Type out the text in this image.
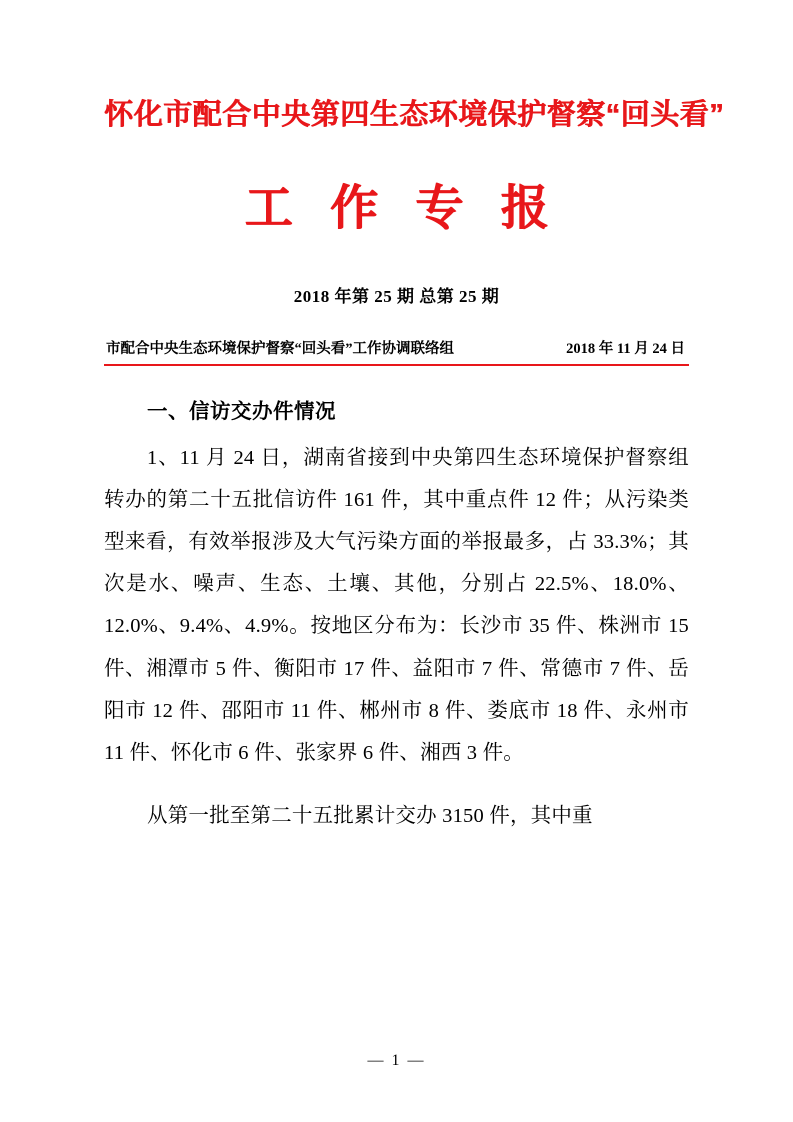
怀化市配合中央第四生态环境保护督察“回头看”
工 作 专 报
2018 年第 25 期 总第 25 期
市配合中央生态环境保护督察“回头看”工作协调联络组	2018 年 11 月 24 日
一、信访交办件情况

1、11 月 24 日，湖南省接到中央第四生态环境保护督察组转办的第二十五批信访件 161 件，其中重点件 12 件；从污染类型来看，有效举报涉及大气污染方面的举报最多，占 33.3%；其次是水、噪声、生态、土壤、其他，分别占 22.5%、18.0%、12.0%、9.4%、4.9%。按地区分布为：长沙市 35 件、株洲市 15 件、湘潭市 5 件、衡阳市 17 件、益阳市 7 件、常德市 7 件、岳阳市 12 件、邵阳市 11 件、郴州市 8 件、娄底市 18 件、永州市 11 件、怀化市 6 件、张家界 6 件、湘西 3 件。

从第一批至第二十五批累计交办 3150 件，其中重

— 1 —
